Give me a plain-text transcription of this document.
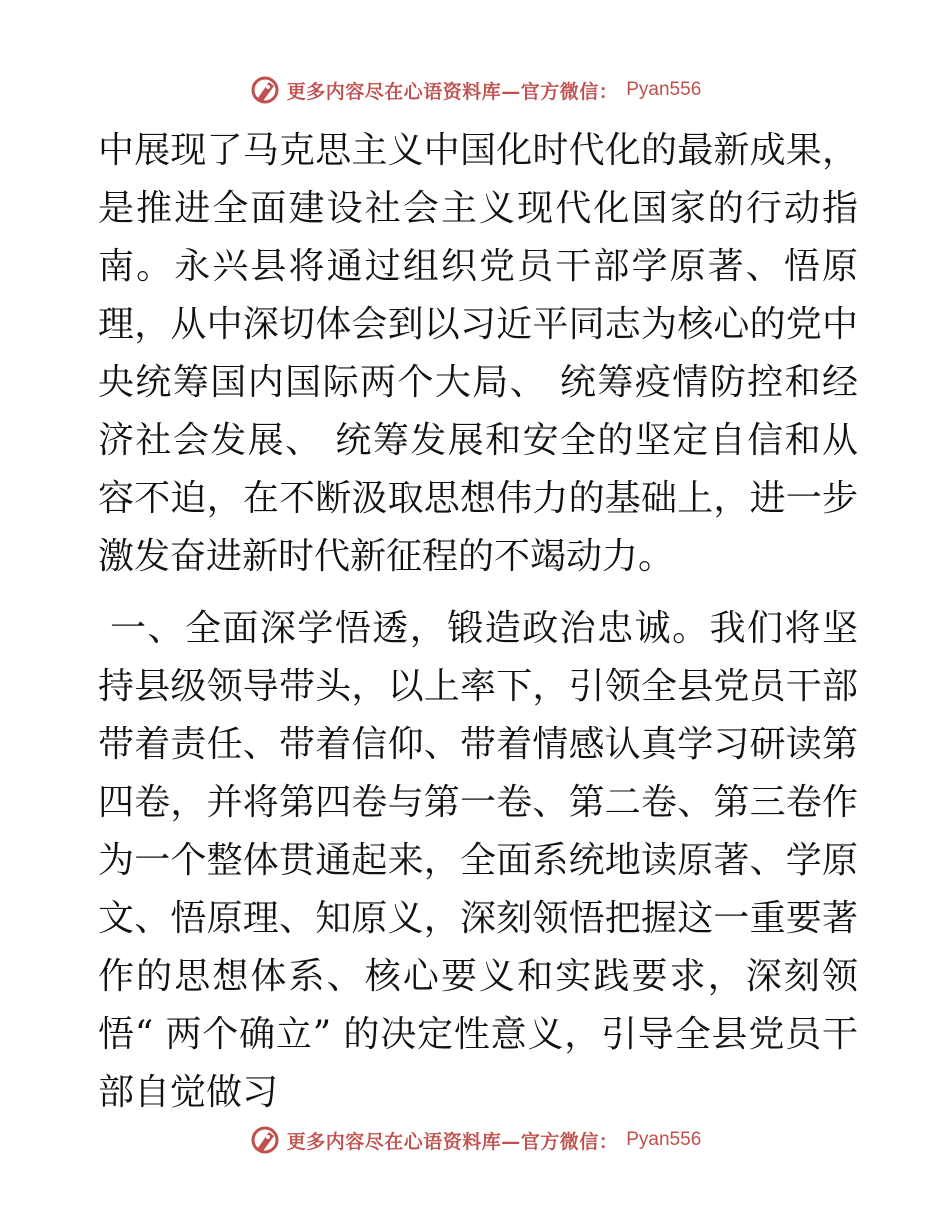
更多内容尽在心语资料库—官方微信： Pyan556

中展现了马克思主义中国化时代化的最新成果，是推进全面建设社会主义现代化国家的行动指南。永兴县将通过组织党员干部学原著、悟原理，从中深切体会到以习近平同志为核心的党中央统筹国内国际两个大局、 统筹疫情防控和经济社会发展、 统筹发展和安全的坚定自信和从容不迫，在不断汲取思想伟力的基础上，进一步激发奋进新时代新征程的不竭动力。

一、全面深学悟透，锻造政治忠诚。我们将坚持县级领导带头，以上率下，引领全县党员干部带着责任、带着信仰、带着情感认真学习研读第四卷，并将第四卷与第一卷、第二卷、第三卷作为一个整体贯通起来，全面系统地读原著、学原文、悟原理、知原义，深刻领悟把握这一重要著作的思想体系、核心要义和实践要求，深刻领悟“ 两个确立” 的决定性意义，引导全县党员干部自觉做习

更多内容尽在心语资料库—官方微信： Pyan556
